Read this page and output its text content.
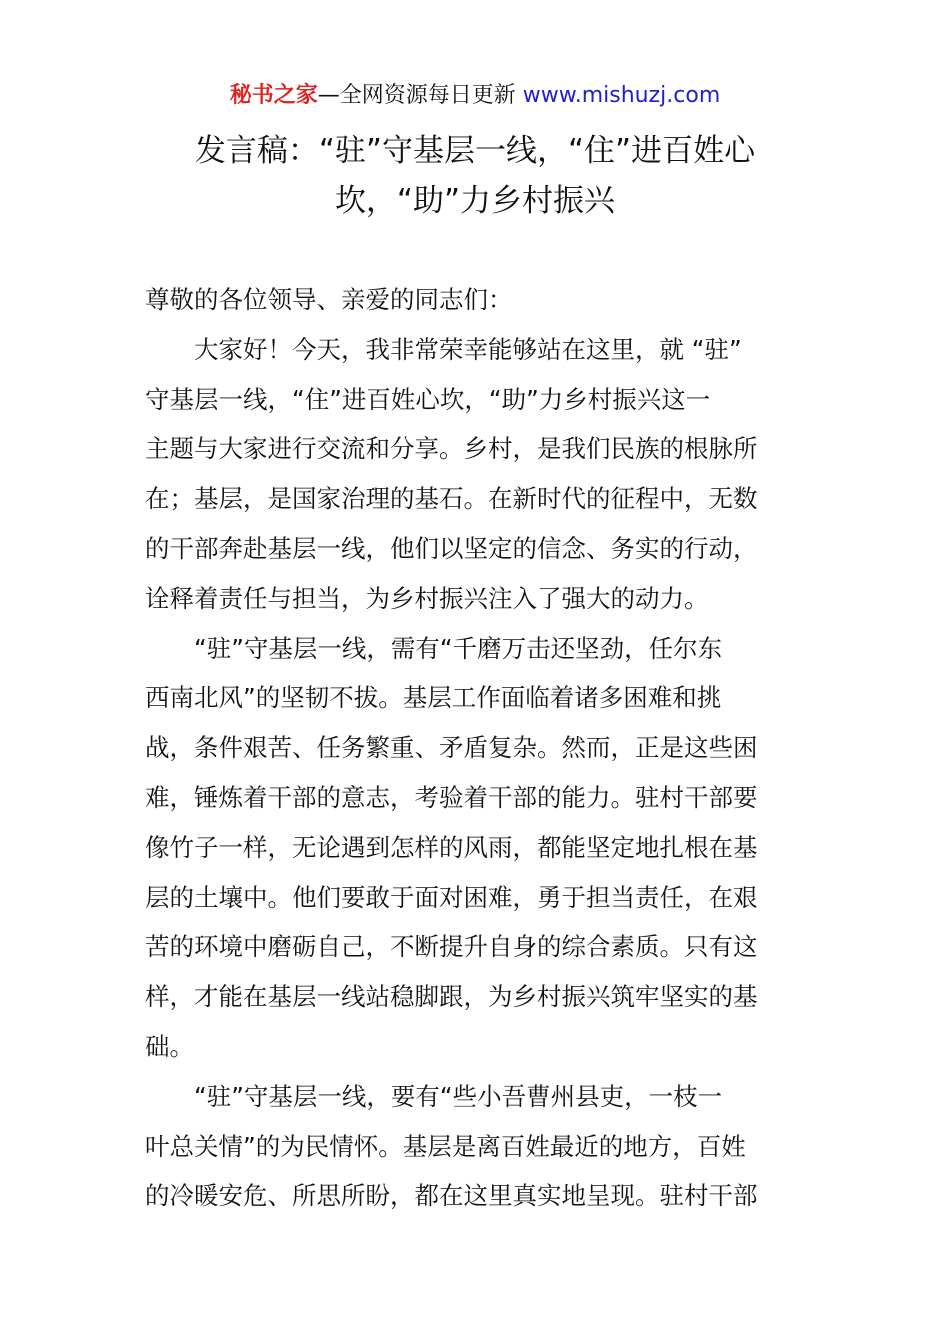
秘书之家—全网资源每日更新 www.mishuzj.com
发言稿：“驻”守基层一线，“住”进百姓心
坎，“助”力乡村振兴
尊敬的各位领导、亲爱的同志们：
大家好！今天，我非常荣幸能够站在这里，就 “驻”
守基层一线，“住”进百姓心坎，“助”力乡村振兴这一
主题与大家进行交流和分享。乡村，是我们民族的根脉所
在；基层，是国家治理的基石。在新时代的征程中，无数
的干部奔赴基层一线，他们以坚定的信念、务实的行动，
诠释着责任与担当，为乡村振兴注入了强大的动力。
“驻”守基层一线，需有“千磨万击还坚劲，任尔东
西南北风”的坚韧不拔。基层工作面临着诸多困难和挑
战，条件艰苦、任务繁重、矛盾复杂。然而，正是这些困
难，锤炼着干部的意志，考验着干部的能力。驻村干部要
像竹子一样，无论遇到怎样的风雨，都能坚定地扎根在基
层的土壤中。他们要敢于面对困难，勇于担当责任，在艰
苦的环境中磨砺自己，不断提升自身的综合素质。只有这
样，才能在基层一线站稳脚跟，为乡村振兴筑牢坚实的基
础。
“驻”守基层一线，要有“些小吾曹州县吏，一枝一
叶总关情”的为民情怀。基层是离百姓最近的地方，百姓
的冷暖安危、所思所盼，都在这里真实地呈现。驻村干部
